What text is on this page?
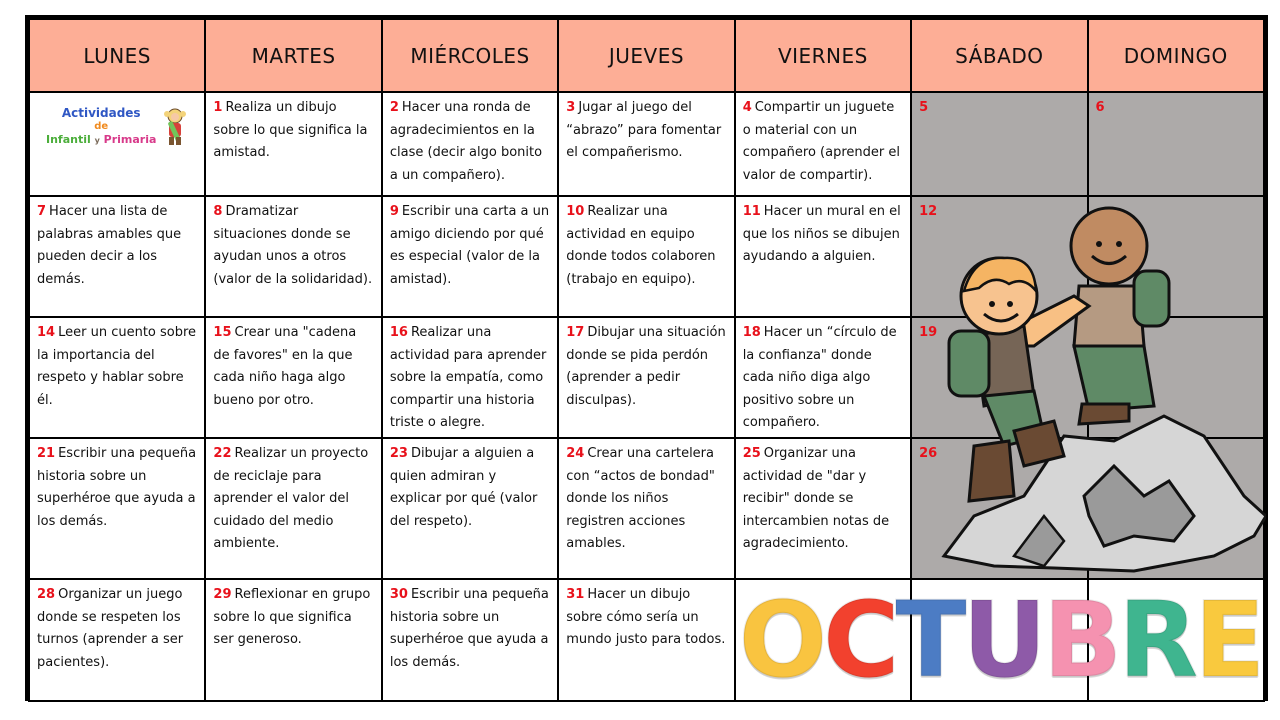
LUNES	MARTES	MIÉRCOLES	JUEVES	VIERNES	SÁBADO	DOMINGO

Actividades
de
Infantil y Primaria	1 Realiza un dibujo sobre lo que significa la amistad.	2 Hacer una ronda de agradecimientos en la clase (decir algo bonito a un compañero).	3 Jugar al juego del “abrazo” para fomentar el compañerismo.	4 Compartir un juguete o material con un compañero (aprender el valor de compartir).	5	6
7 Hacer una lista de palabras amables que pueden decir a los demás.	8 Dramatizar situaciones donde se ayudan unos a otros (valor de la solidaridad).	9 Escribir una carta a un amigo diciendo por qué es especial (valor de la amistad).	10 Realizar una actividad en equipo donde todos colaboren (trabajo en equipo).	11 Hacer un mural en el que los niños se dibujen ayudando a alguien.	12	
14 Leer un cuento sobre la importancia del respeto y hablar sobre él.	15 Crear una "cadena de favores" en la que cada niño haga algo bueno por otro.	16 Realizar una actividad para aprender sobre la empatía, como compartir una historia triste o alegre.	17 Dibujar una situación donde se pida perdón (aprender a pedir disculpas).	18 Hacer un “círculo de la confianza" donde cada niño diga algo positivo sobre un compañero.	19	
21 Escribir una pequeña historia sobre un superhéroe que ayuda a los demás.	22 Realizar un proyecto de reciclaje para aprender el valor del cuidado del medio ambiente.	23 Dibujar a alguien a quien admiran y explicar por qué (valor del respeto).	24 Crear una cartelera con “actos de bondad" donde los niños registren acciones amables.	25 Organizar una actividad de "dar y recibir" donde se intercambien notas de agradecimiento.	26	
28 Organizar un juego donde se respeten los turnos (aprender a ser pacientes).	29 Reflexionar en grupo sobre lo que significa ser generoso.	30 Escribir una pequeña historia sobre un superhéroe que ayuda a los demás.	31 Hacer un dibujo sobre cómo sería un mundo justo para todos.			O C T U B R E
